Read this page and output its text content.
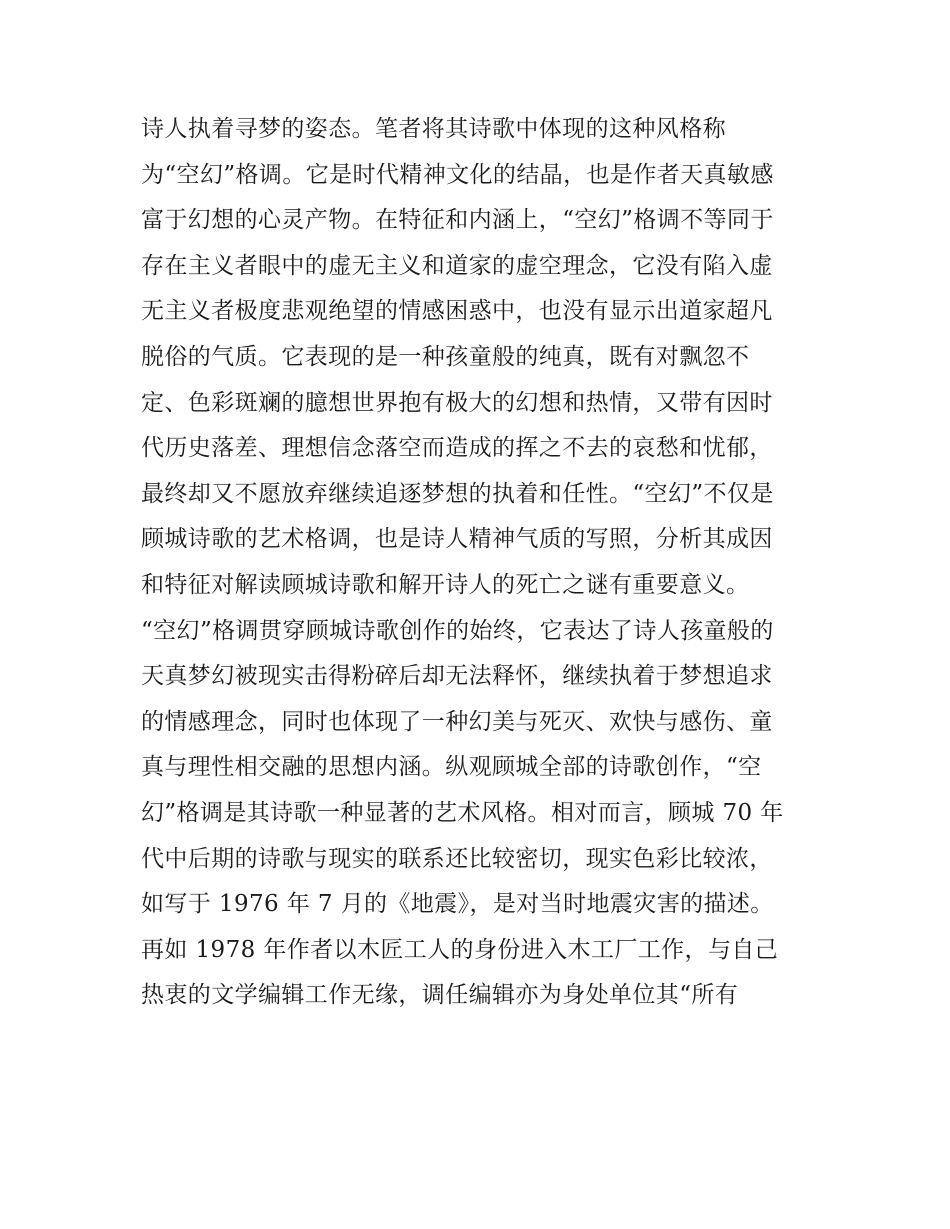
诗人执着寻梦的姿态。笔者将其诗歌中体现的这种风格称
为“空幻”格调。它是时代精神文化的结晶，也是作者天真敏感
富于幻想的心灵产物。在特征和内涵上，“空幻”格调不等同于
存在主义者眼中的虚无主义和道家的虚空理念，它没有陷入虚
无主义者极度悲观绝望的情感困惑中，也没有显示出道家超凡
脱俗的气质。它表现的是一种孩童般的纯真，既有对飘忽不
定、色彩斑斓的臆想世界抱有极大的幻想和热情，又带有因时
代历史落差、理想信念落空而造成的挥之不去的哀愁和忧郁，
最终却又不愿放弃继续追逐梦想的执着和任性。“空幻”不仅是
顾城诗歌的艺术格调，也是诗人精神气质的写照，分析其成因
和特征对解读顾城诗歌和解开诗人的死亡之谜有重要意义。
“空幻”格调贯穿顾城诗歌创作的始终，它表达了诗人孩童般的
天真梦幻被现实击得粉碎后却无法释怀，继续执着于梦想追求
的情感理念，同时也体现了一种幻美与死灭、欢快与感伤、童
真与理性相交融的思想内涵。纵观顾城全部的诗歌创作，“空
幻”格调是其诗歌一种显著的艺术风格。相对而言，顾城 70 年
代中后期的诗歌与现实的联系还比较密切，现实色彩比较浓，
如写于 1976 年 7 月的《地震》，是对当时地震灾害的描述。
再如 1978 年作者以木匠工人的身份进入木工厂工作，与自己
热衷的文学编辑工作无缘，调任编辑亦为身处单位其“所有
